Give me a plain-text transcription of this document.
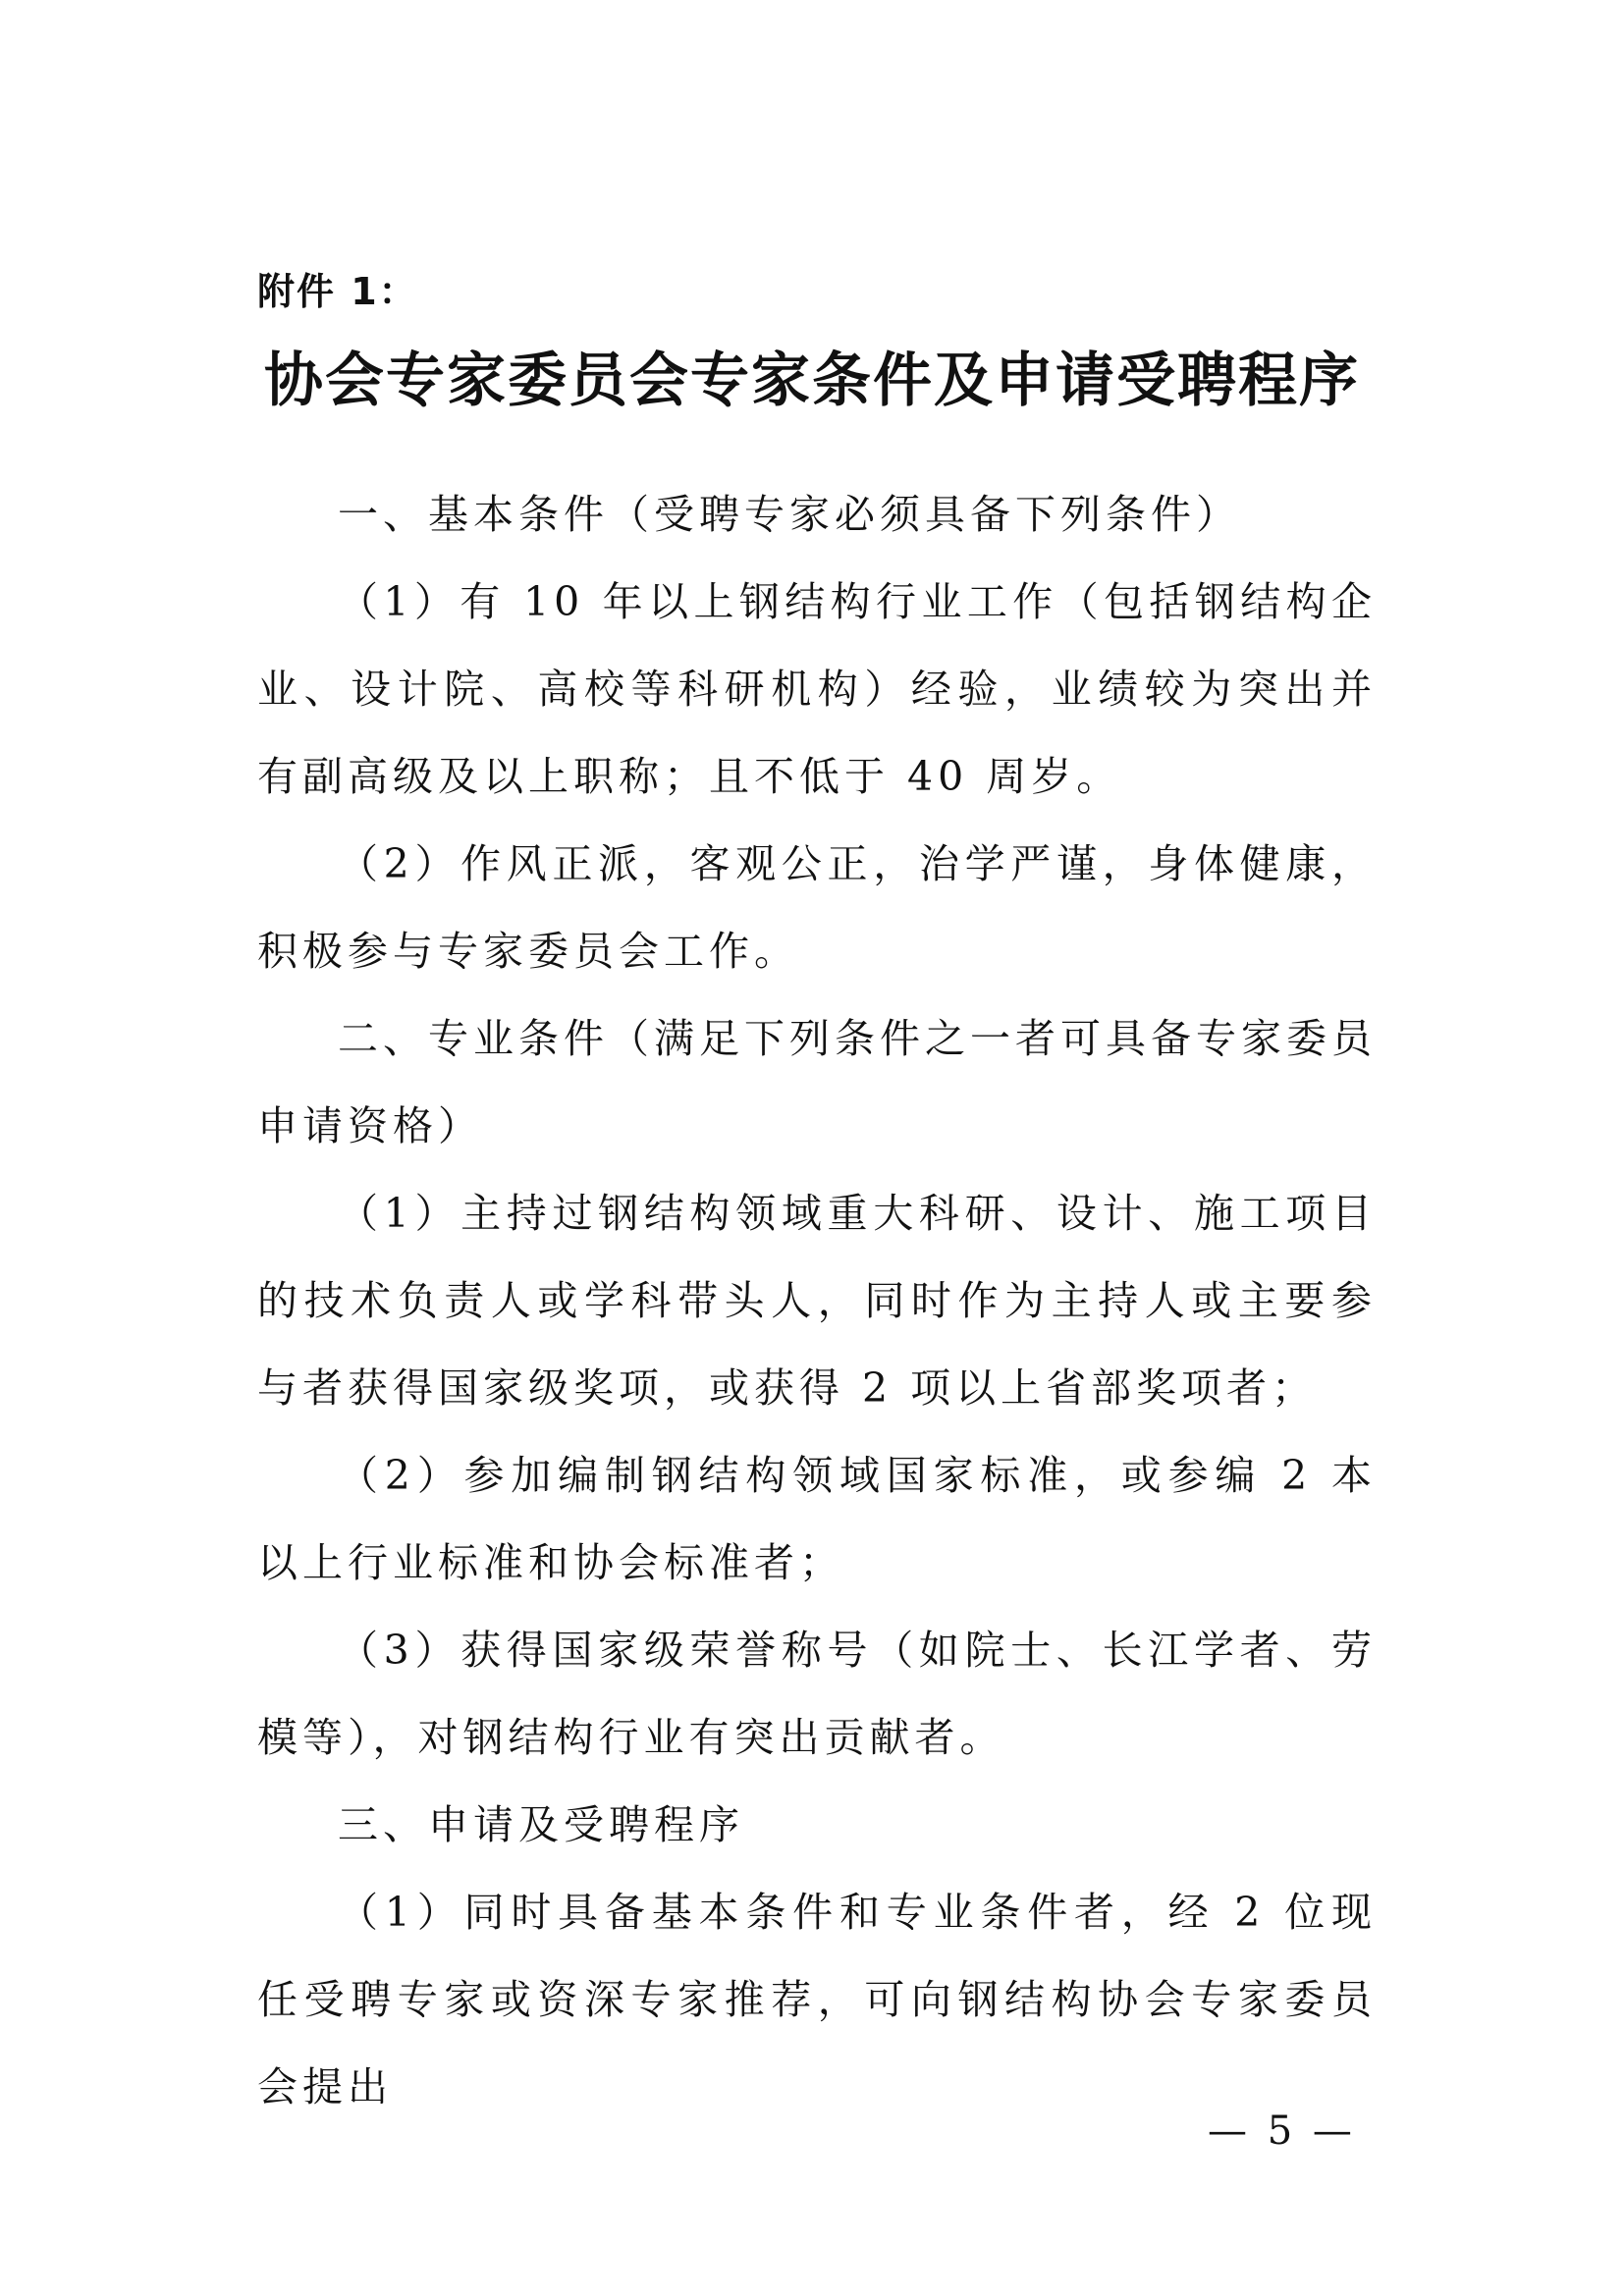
附件 1：
协会专家委员会专家条件及申请受聘程序

一、基本条件（受聘专家必须具备下列条件）

（1）有 10 年以上钢结构行业工作（包括钢结构企业、设计院、高校等科研机构）经验，业绩较为突出并有副高级及以上职称；且不低于 40 周岁。

（2）作风正派，客观公正，治学严谨，身体健康，积极参与专家委员会工作。

二、专业条件（满足下列条件之一者可具备专家委员申请资格）

（1）主持过钢结构领域重大科研、设计、施工项目的技术负责人或学科带头人，同时作为主持人或主要参与者获得国家级奖项，或获得 2 项以上省部奖项者；

（2）参加编制钢结构领域国家标准，或参编 2 本以上行业标准和协会标准者；

（3）获得国家级荣誉称号（如院士、长江学者、劳模等），对钢结构行业有突出贡献者。

三、申请及受聘程序

（1）同时具备基本条件和专业条件者，经 2 位现任受聘专家或资深专家推荐，可向钢结构协会专家委员会提出

— 5 —
